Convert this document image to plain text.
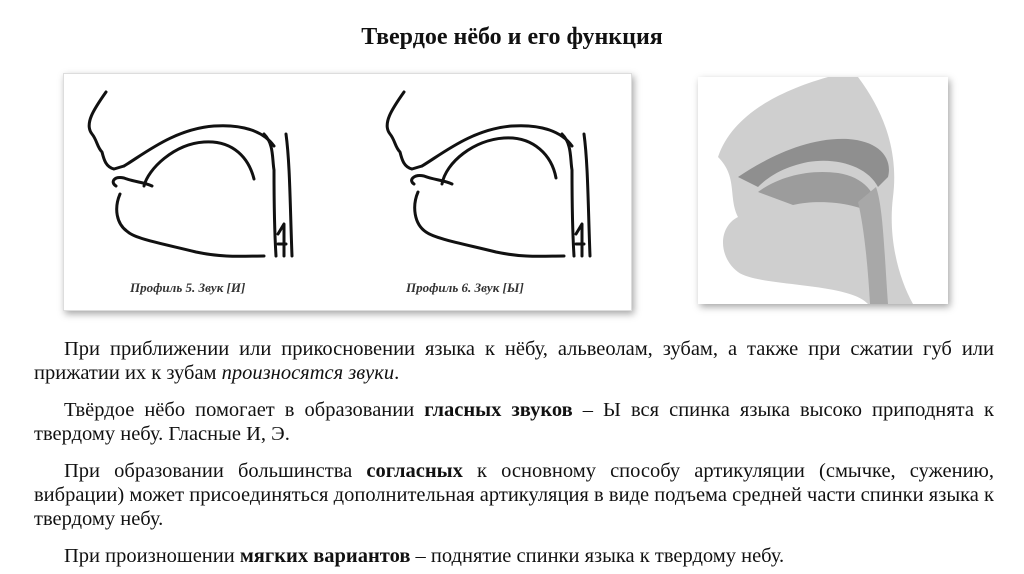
Твердое нёбо и его функция
Профиль 5. Звук [И]	Профиль 6. Звук [Ы]
При приближении или прикосновении языка к нёбу, альвеолам, зубам, а также при сжатии губ или прижатии их к зубам произносятся звуки.
Твёрдое нёбо помогает в образовании гласных звуков – Ы вся спинка языка высоко приподнята к твердому небу. Гласные И, Э.
При образовании большинства согласных к основному способу артикуляции (смычке, сужению, вибрации) может присоединяться дополнительная артикуляция в виде подъема средней части спинки языка к твердому небу.
При произношении мягких вариантов – поднятие спинки языка к твердому небу.
